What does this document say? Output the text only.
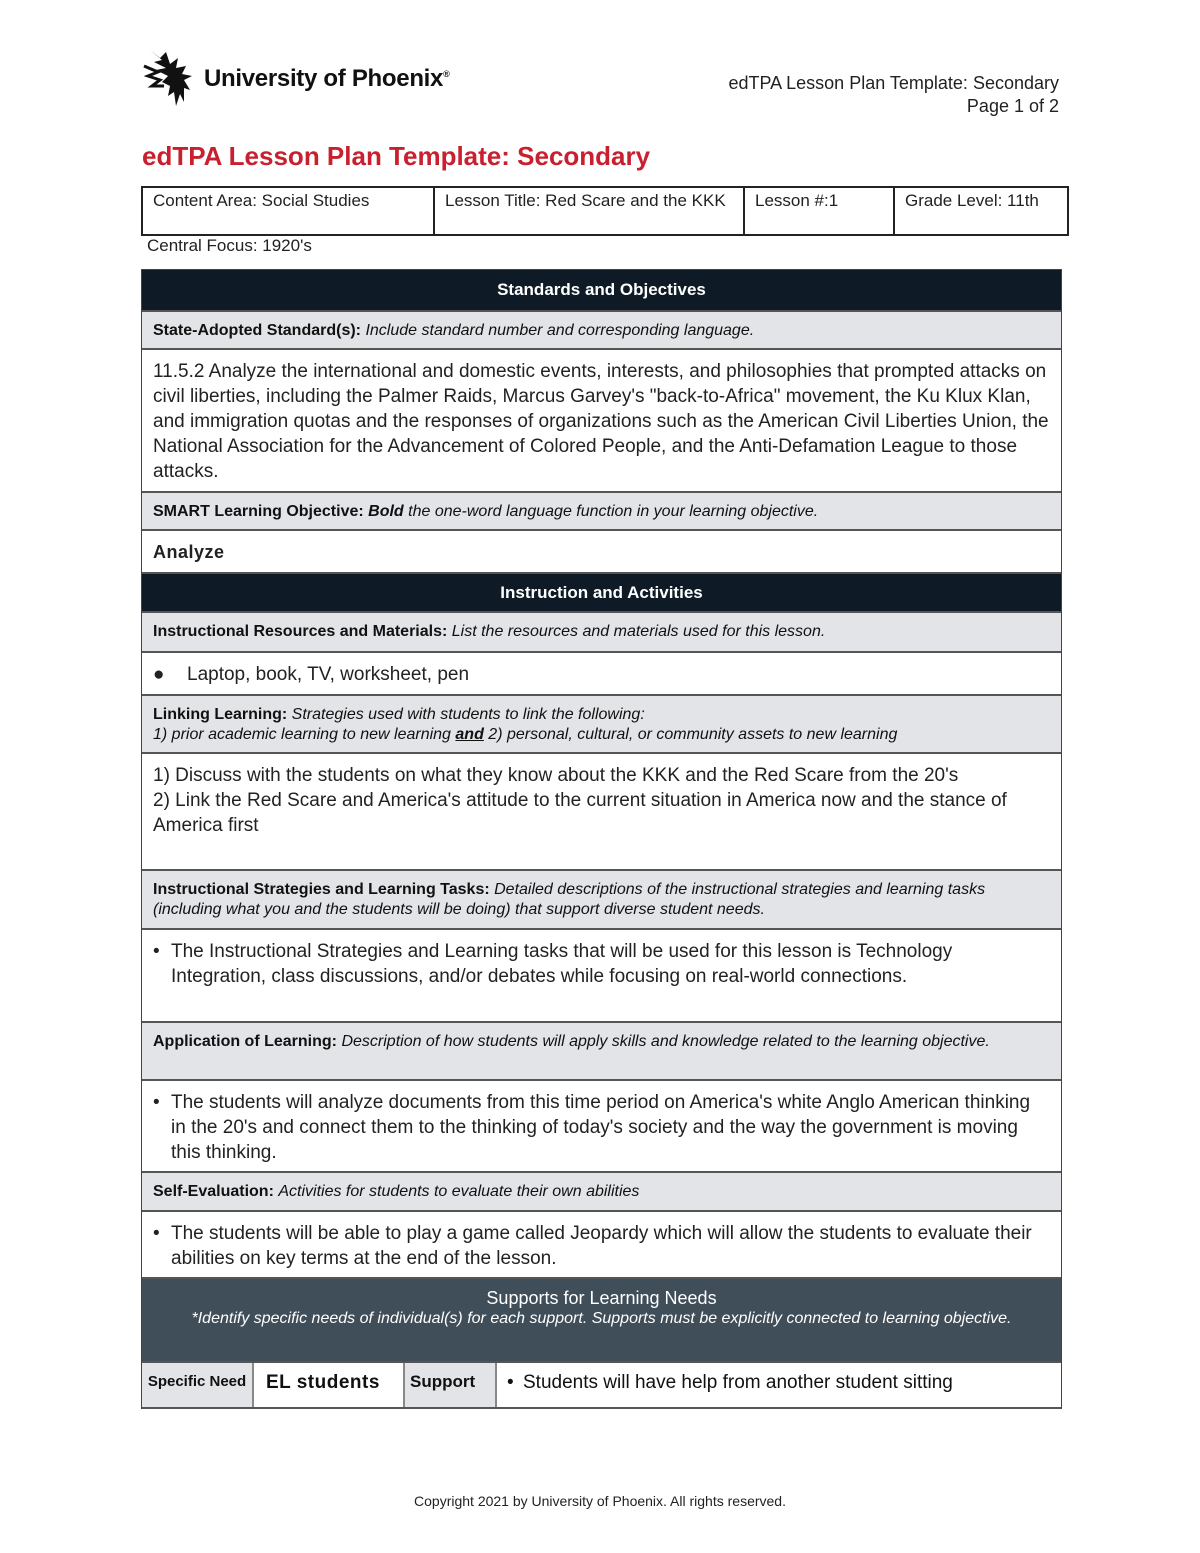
University of Phoenix®	edTPA Lesson Plan Template: Secondary
Page 1 of 2
edTPA Lesson Plan Template: Secondary
Content Area: Social Studies	Lesson Title: Red Scare and the KKK	Lesson #:1	Grade Level: 11th
Central Focus: 1920's
Standards and Objectives
State-Adopted Standard(s): Include standard number and corresponding language.
11.5.2 Analyze the international and domestic events, interests, and philosophies that prompted attacks on civil liberties, including the Palmer Raids, Marcus Garvey's "back-to-Africa" movement, the Ku Klux Klan, and immigration quotas and the responses of organizations such as the American Civil Liberties Union, the National Association for the Advancement of Colored People, and the Anti-Defamation League to those attacks.
SMART Learning Objective: Bold the one-word language function in your learning objective.
Analyze
Instruction and Activities
Instructional Resources and Materials: List the resources and materials used for this lesson.
●	Laptop, book, TV, worksheet, pen
Linking Learning: Strategies used with students to link the following:
1) prior academic learning to new learning and 2) personal, cultural, or community assets to new learning
1) Discuss with the students on what they know about the KKK and the Red Scare from the 20's
2) Link the Red Scare and America's attitude to the current situation in America now and the stance of America first
Instructional Strategies and Learning Tasks: Detailed descriptions of the instructional strategies and learning tasks (including what you and the students will be doing) that support diverse student needs.
• The Instructional Strategies and Learning tasks that will be used for this lesson is Technology Integration, class discussions, and/or debates while focusing on real-world connections.
Application of Learning: Description of how students will apply skills and knowledge related to the learning objective.
• The students will analyze documents from this time period on America's white Anglo American thinking in the 20's and connect them to the thinking of today's society and the way the government is moving this thinking.
Self-Evaluation: Activities for students to evaluate their own abilities
• The students will be able to play a game called Jeopardy which will allow the students to evaluate their abilities on key terms at the end of the lesson.
Supports for Learning Needs
*Identify specific needs of individual(s) for each support. Supports must be explicitly connected to learning objective.
Specific Need	EL students	Support	• Students will have help from another student sitting
Copyright 2021 by University of Phoenix. All rights reserved.
